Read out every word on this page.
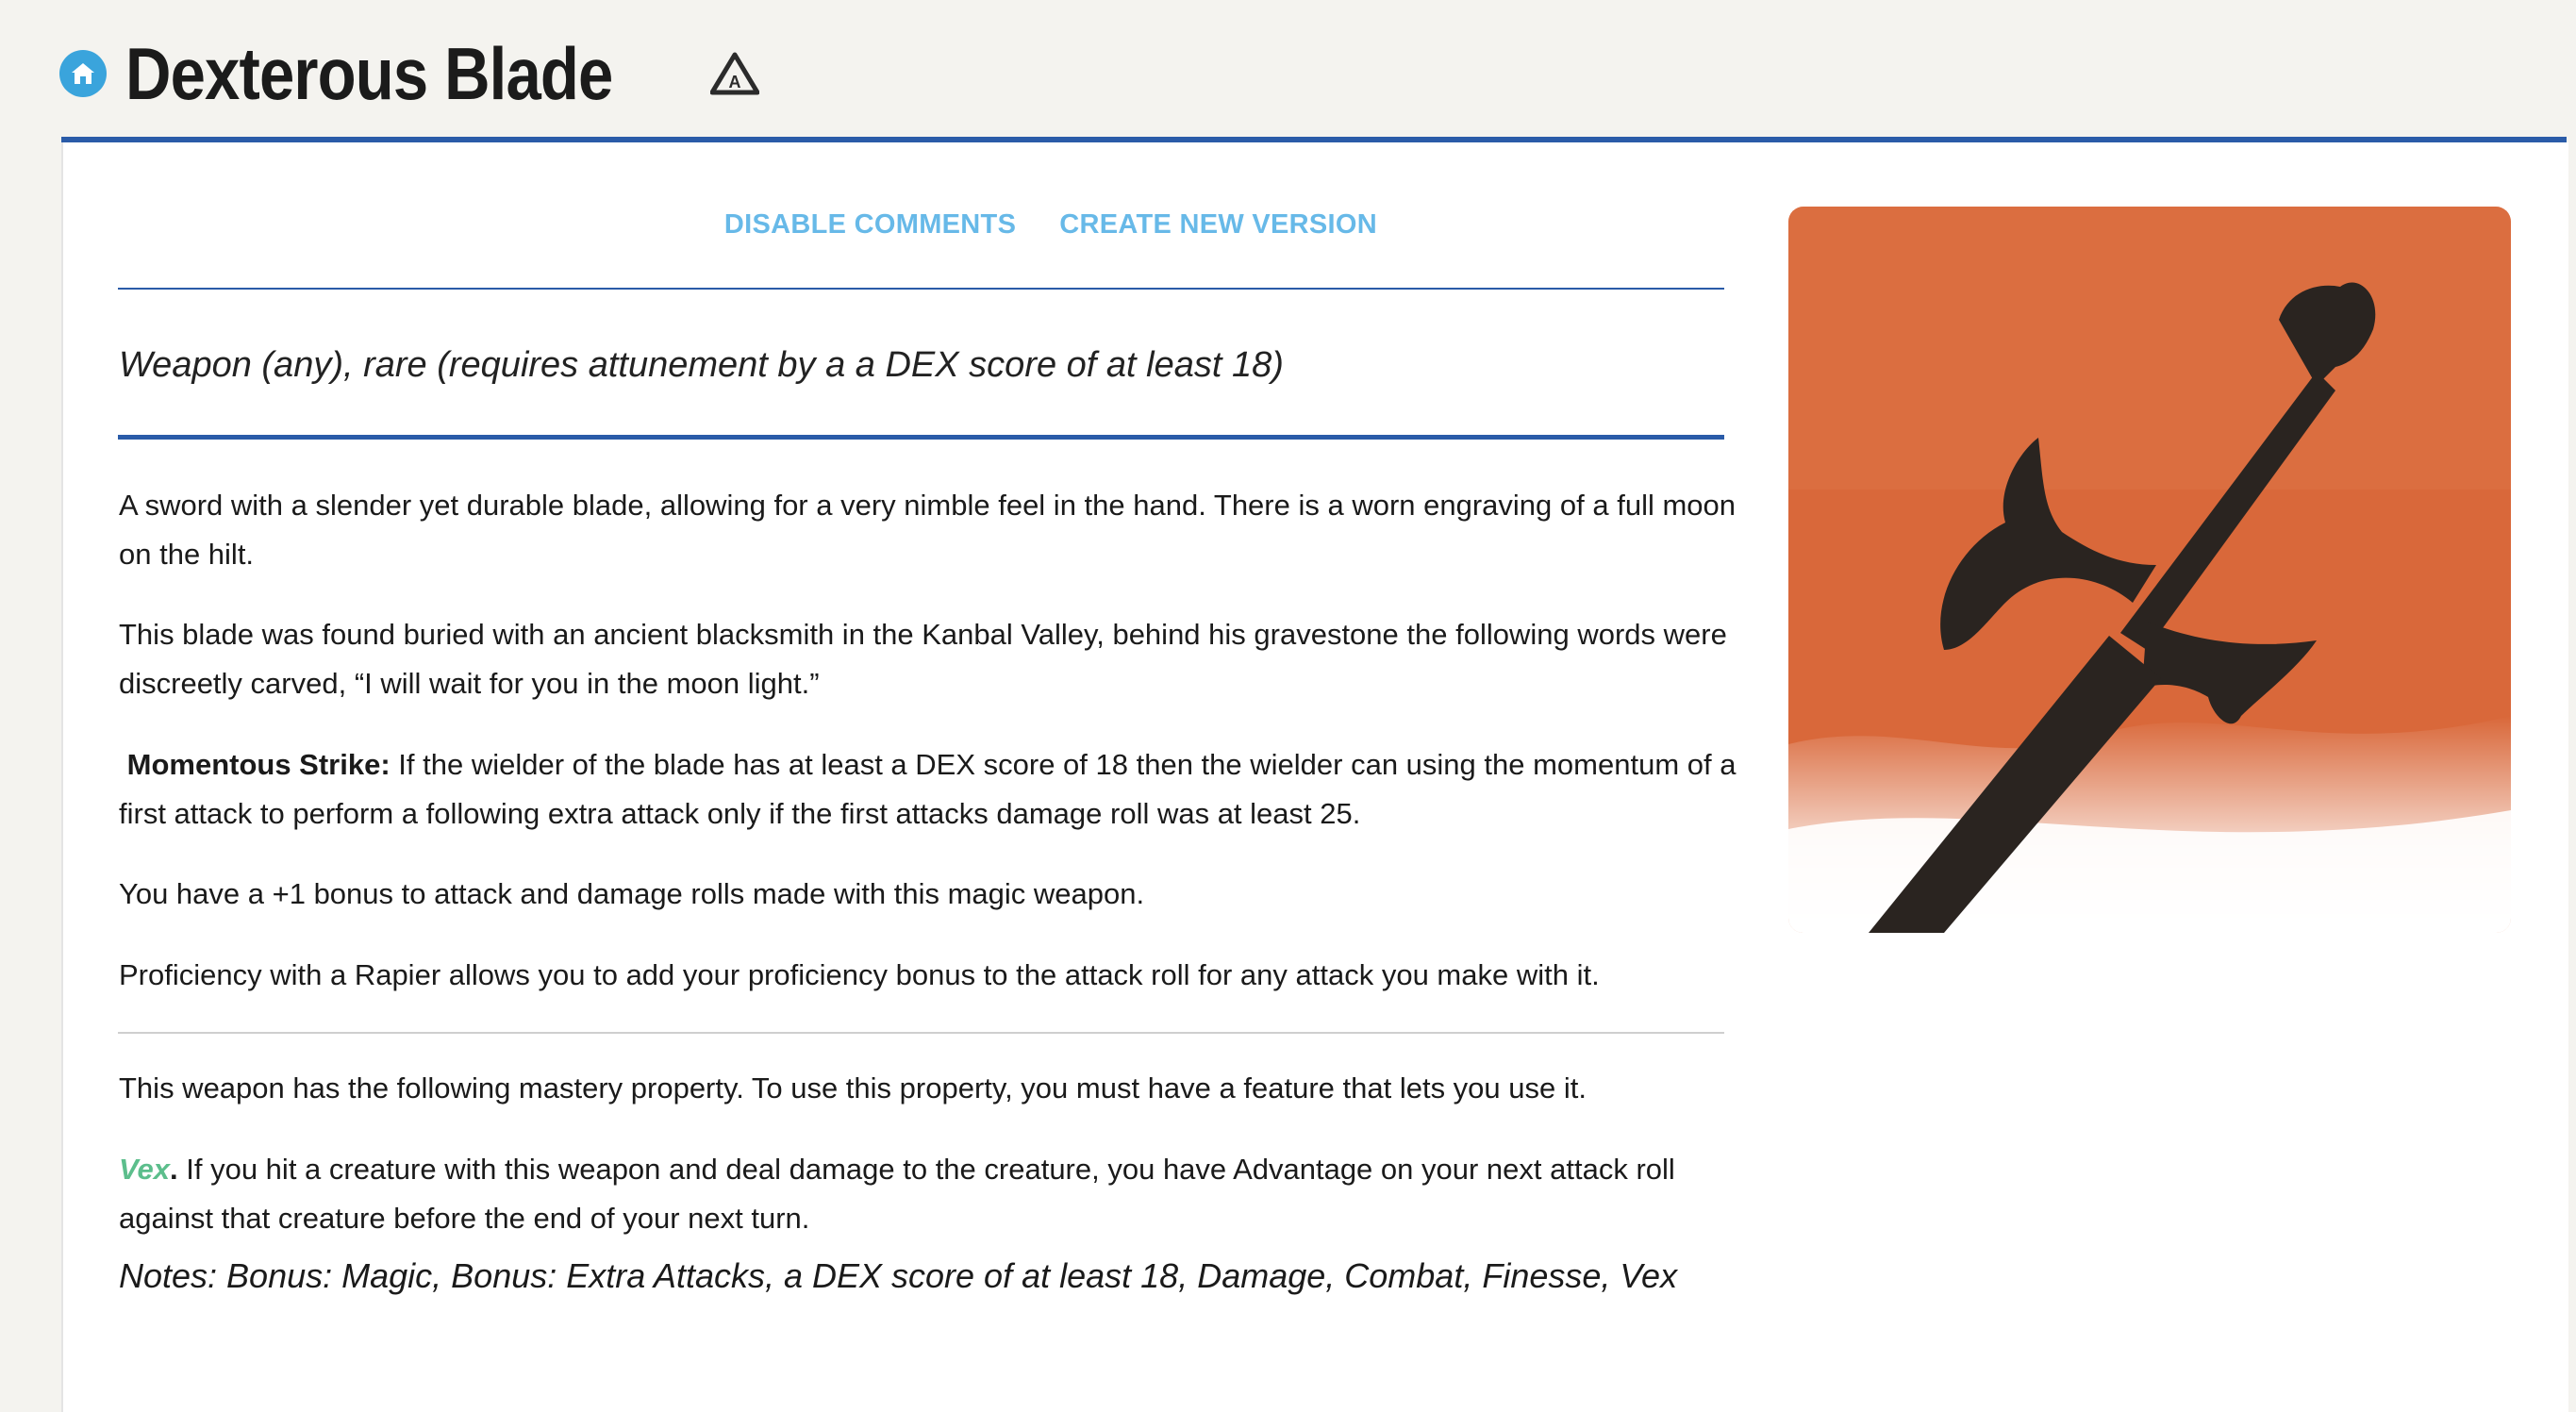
Dexterous Blade	A
DISABLE COMMENTS CREATE NEW VERSION
Weapon (any), rare (requires attunement by a a DEX score of at least 18)

A sword with a slender yet durable blade, allowing for a very nimble feel in the hand. There is a worn engraving of a full moon on the hilt.

This blade was found buried with an ancient blacksmith in the Kanbal Valley, behind his gravestone the following words were discreetly carved, “I will wait for you in the moon light.”

Momentous Strike: If the wielder of the blade has at least a DEX score of 18 then the wielder can using the momentum of a first attack to perform a following extra attack only if the first attacks damage roll was at least 25.

You have a +1 bonus to attack and damage rolls made with this magic weapon.

Proficiency with a Rapier allows you to add your proficiency bonus to the attack roll for any attack you make with it.

This weapon has the following mastery property. To use this property, you must have a feature that lets you use it.

Vex. If you hit a creature with this weapon and deal damage to the creature, you have Advantage on your next attack roll against that creature before the end of your next turn.

Notes: Bonus: Magic, Bonus: Extra Attacks, a DEX score of at least 18, Damage, Combat, Finesse, Vex
